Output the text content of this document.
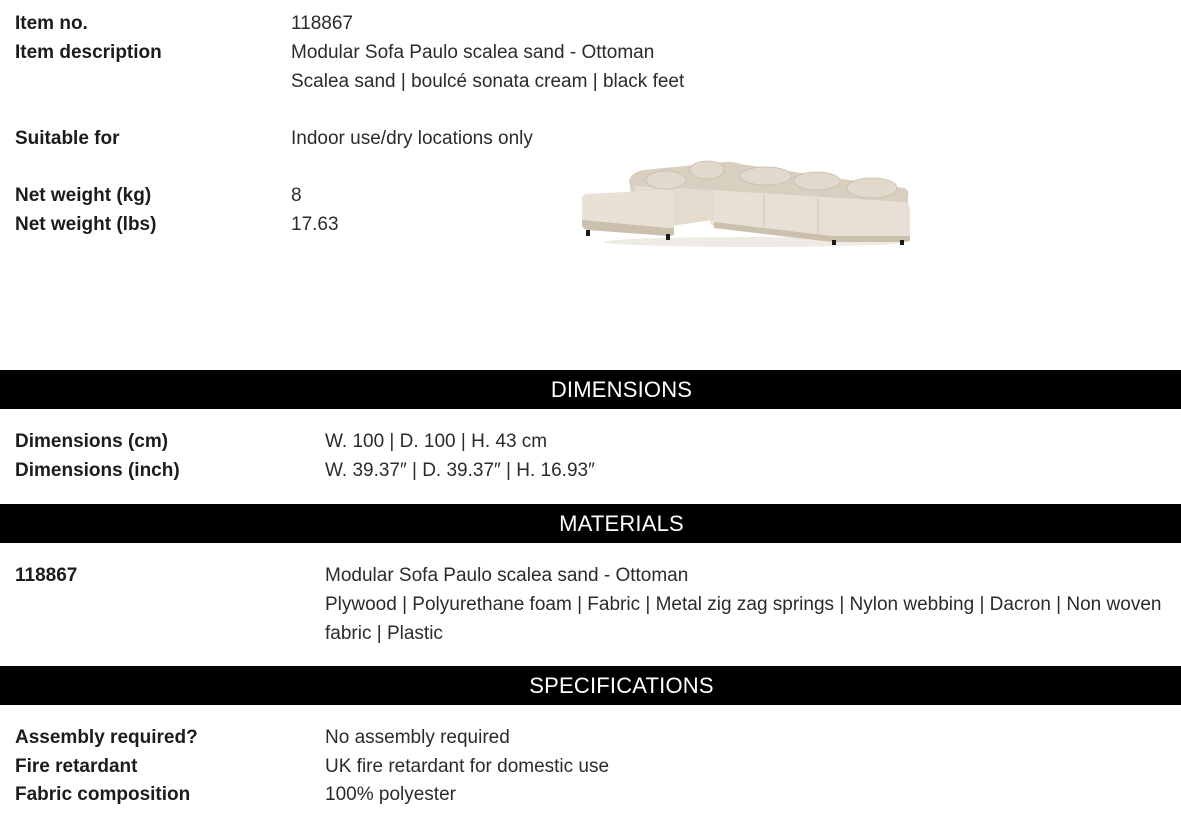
Item no.	118867
Item description	Modular Sofa Paulo scalea sand - Ottoman
Scalea sand | boulcé sonata cream | black feet
Suitable for	Indoor use/dry locations only
Net weight (kg)	8
Net weight (lbs)	17.63
DIMENSIONS
Dimensions (cm)	W. 100 | D. 100 | H. 43 cm
Dimensions (inch)	W. 39.37″ | D. 39.37″ | H. 16.93″
MATERIALS
118867	Modular Sofa Paulo scalea sand - Ottoman
Plywood | Polyurethane foam | Fabric | Metal zig zag springs | Nylon webbing | Dacron | Non woven fabric | Plastic
SPECIFICATIONS
Assembly required?	No assembly required
Fire retardant	UK fire retardant for domestic use
Fabric composition	100% polyester
